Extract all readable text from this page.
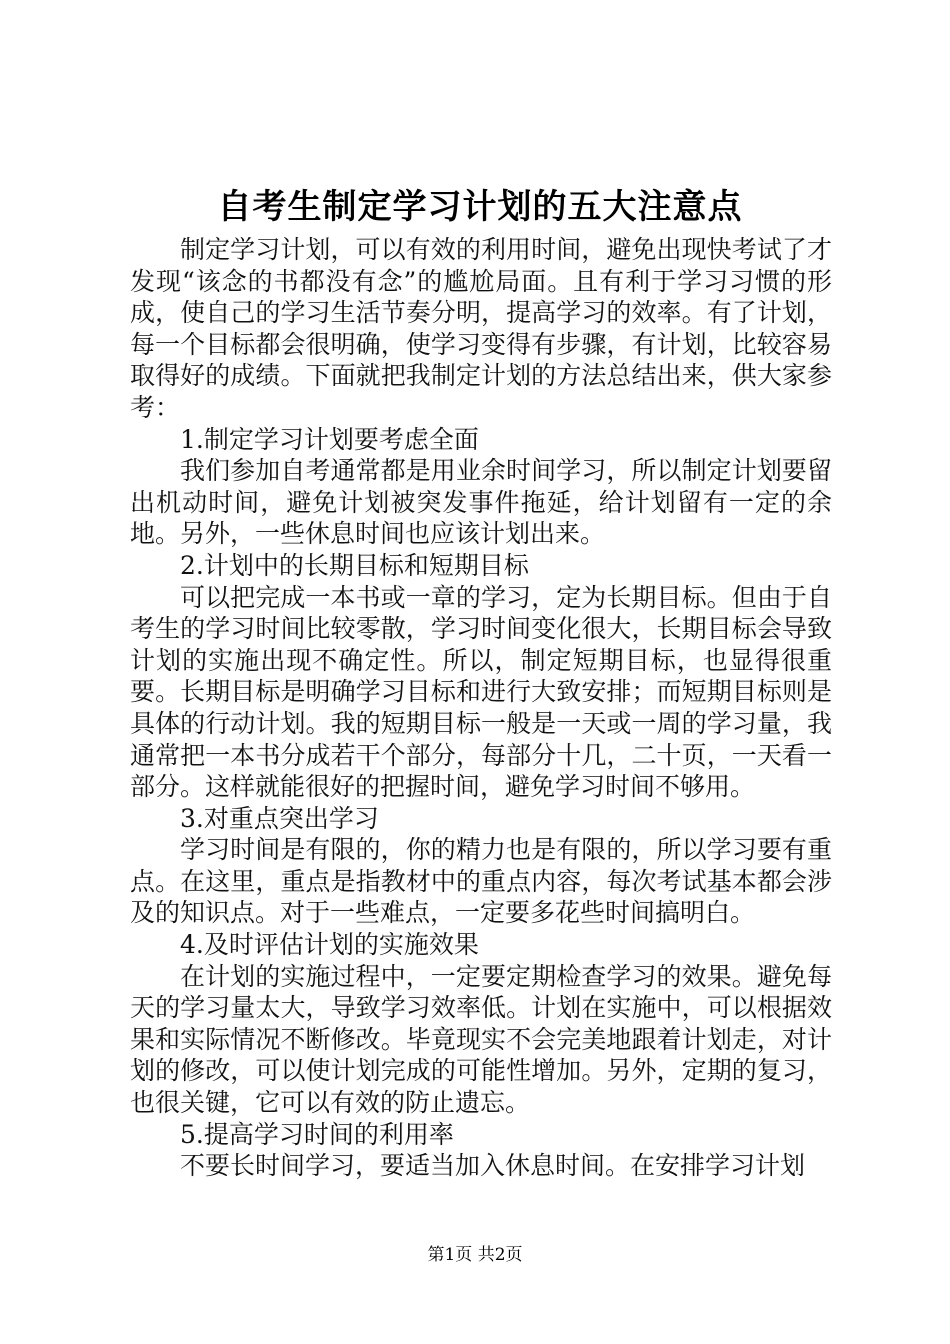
自考生制定学习计划的五大注意点

制定学习计划，可以有效的利用时间，避免出现快考试了才发现“该念的书都没有念”的尴尬局面。且有利于学习习惯的形成，使自己的学习生活节奏分明，提高学习的效率。有了计划，每一个目标都会很明确，使学习变得有步骤，有计划，比较容易取得好的成绩。下面就把我制定计划的方法总结出来，供大家参考：

1.制定学习计划要考虑全面

我们参加自考通常都是用业余时间学习，所以制定计划要留出机动时间，避免计划被突发事件拖延，给计划留有一定的余地。另外，一些休息时间也应该计划出来。

2.计划中的长期目标和短期目标

可以把完成一本书或一章的学习，定为长期目标。但由于自考生的学习时间比较零散，学习时间变化很大，长期目标会导致计划的实施出现不确定性。所以，制定短期目标，也显得很重要。长期目标是明确学习目标和进行大致安排；而短期目标则是具体的行动计划。我的短期目标一般是一天或一周的学习量，我通常把一本书分成若干个部分，每部分十几，二十页，一天看一部分。这样就能很好的把握时间，避免学习时间不够用。

3.对重点突出学习

学习时间是有限的，你的精力也是有限的，所以学习要有重点。在这里，重点是指教材中的重点内容，每次考试基本都会涉及的知识点。对于一些难点，一定要多花些时间搞明白。

4.及时评估计划的实施效果

在计划的实施过程中，一定要定期检查学习的效果。避免每天的学习量太大，导致学习效率低。计划在实施中，可以根据效果和实际情况不断修改。毕竟现实不会完美地跟着计划走，对计划的修改，可以使计划完成的可能性增加。另外，定期的复习，也很关键，它可以有效的防止遗忘。

5.提高学习时间的利用率

不要长时间学习，要适当加入休息时间。在安排学习计划

第1页 共2页
